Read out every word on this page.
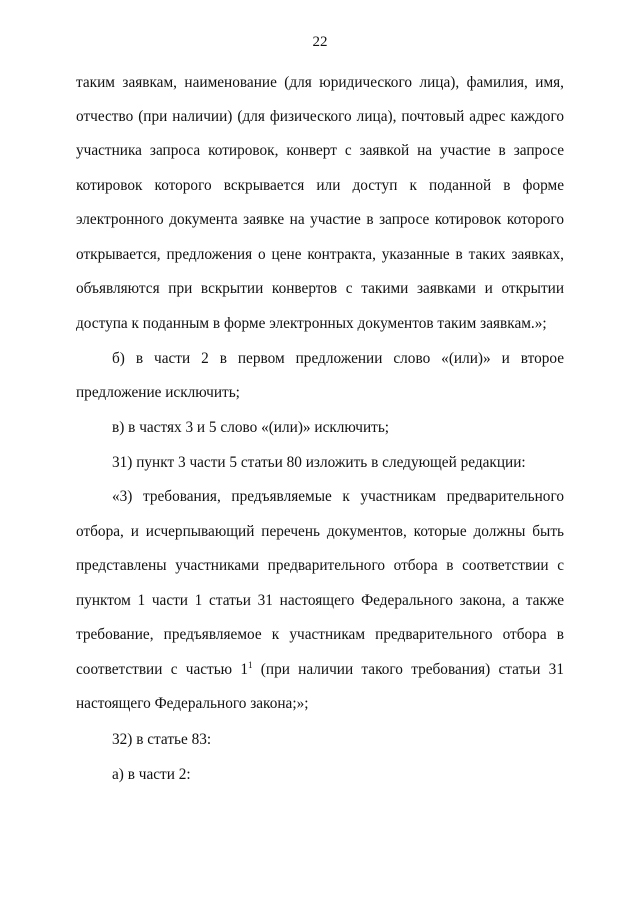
22
таким заявкам, наименование (для юридического лица), фамилия, имя,
отчество (при наличии) (для физического лица), почтовый адрес каждого
участника запроса котировок, конверт с заявкой на участие в запросе
котировок которого вскрывается или доступ к поданной в форме
электронного документа заявке на участие в запросе котировок которого
открывается, предложения о цене контракта, указанные в таких заявках,
объявляются при вскрытии конвертов с такими заявками и открытии
доступа к поданным в форме электронных документов таким заявкам.»;
б) в части 2 в первом предложении слово «(или)» и второе
предложение исключить;
в) в частях 3 и 5 слово «(или)» исключить;
31) пункт 3 части 5 статьи 80 изложить в следующей редакции:
«3) требования, предъявляемые к участникам предварительного
отбора, и исчерпывающий перечень документов, которые должны быть
представлены участниками предварительного отбора в соответствии с
пунктом 1 части 1 статьи 31 настоящего Федерального закона, а также
требование, предъявляемое к участникам предварительного отбора в
соответствии с частью $1^1$ (при наличии такого требования) статьи 31
настоящего Федерального закона;»;
32) в статье 83:
а) в части 2:
